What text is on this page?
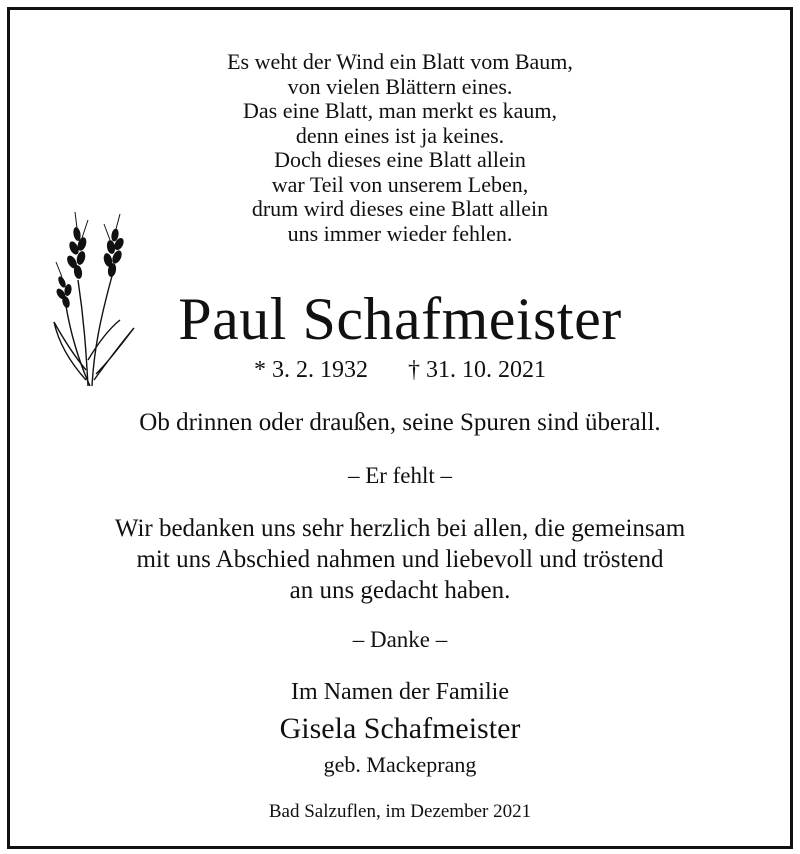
Es weht der Wind ein Blatt vom Baum,
von vielen Blättern eines.
Das eine Blatt, man merkt es kaum,
denn eines ist ja keines.
Doch dieses eine Blatt allein
war Teil von unserem Leben,
drum wird dieses eine Blatt allein
uns immer wieder fehlen.
Paul Schafmeister
* 3. 2. 1932 † 31. 10. 2021
Ob drinnen oder draußen, seine Spuren sind überall.
– Er fehlt –
Wir bedanken uns sehr herzlich bei allen, die gemeinsam
mit uns Abschied nahmen und liebevoll und tröstend
an uns gedacht haben.
– Danke –
Im Namen der Familie
Gisela Schafmeister
geb. Mackeprang
Bad Salzuflen, im Dezember 2021
